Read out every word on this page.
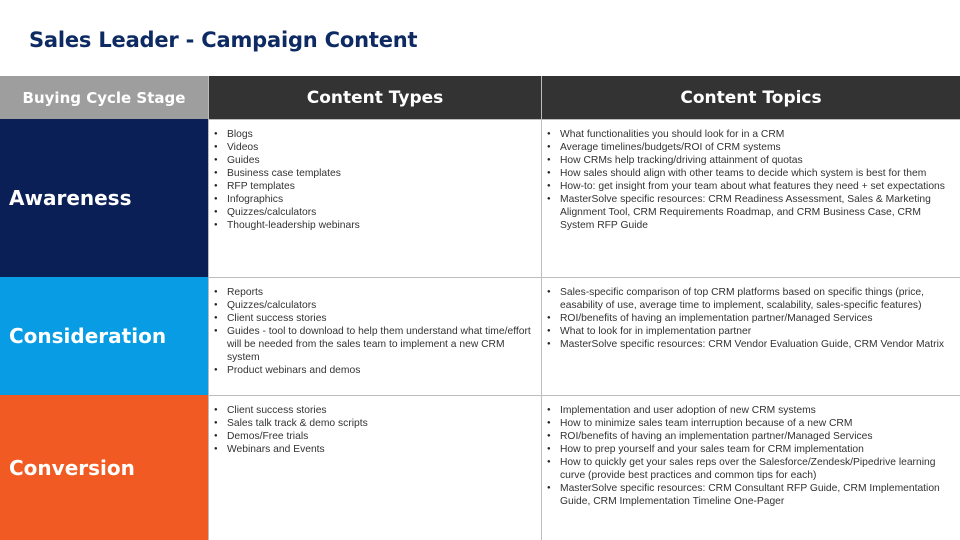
Sales Leader - Campaign Content
Buying Cycle Stage	Content Types	Content Topics
Awareness
● Blogs
● Videos
● Guides
● Business case templates
● RFP templates
● Infographics
● Quizzes/calculators
● Thought-leadership webinars
● What functionalities you should look for in a CRM
● Average timelines/budgets/ROI of CRM systems
● How CRMs help tracking/driving attainment of quotas
● How sales should align with other teams to decide which system is best for them
● How-to: get insight from your team about what features they need + set expectations
● MasterSolve specific resources: CRM Readiness Assessment, Sales & Marketing Alignment Tool, CRM Requirements Roadmap, and CRM Business Case, CRM System RFP Guide
Consideration
● Reports
● Quizzes/calculators
● Client success stories
● Guides - tool to download to help them understand what time/effort will be needed from the sales team to implement a new CRM system
● Product webinars and demos
● Sales-specific comparison of top CRM platforms based on specific things (price, easability of use, average time to implement, scalability, sales-specific features)
● ROI/benefits of having an implementation partner/Managed Services
● What to look for in implementation partner
● MasterSolve specific resources: CRM Vendor Evaluation Guide, CRM Vendor Matrix
Conversion
● Client success stories
● Sales talk track & demo scripts
● Demos/Free trials
● Webinars and Events
● Implementation and user adoption of new CRM systems
● How to minimize sales team interruption because of a new CRM
● ROI/benefits of having an implementation partner/Managed Services
● How to prep yourself and your sales team for CRM implementation
● How to quickly get your sales reps over the Salesforce/Zendesk/Pipedrive learning curve (provide best practices and common tips for each)
● MasterSolve specific resources: CRM Consultant RFP Guide, CRM Implementation Guide, CRM Implementation Timeline One-Pager
